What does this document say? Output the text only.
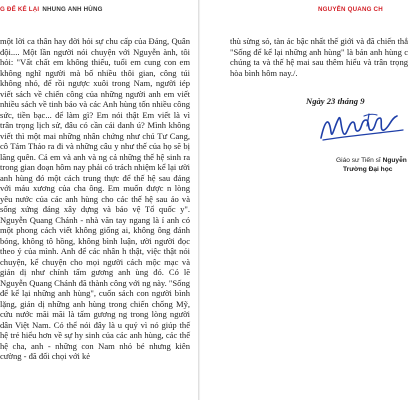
G ĐỂ KẺ LẠI NHUNG ANH HÙNG

một lời ca thân hay đời hỏi sự chu cấp của Đảng, Quân đội.... Một lần người nói chuyện với Nguyễn ành, tôi hỏi: "Vất chất em không thiếu, tuổi em cung con em không nghĩ người mà bố nhiều thôi gian, công túi không nhỏ, để rồi ngược xuôi trong Nam, người iép viết sách về chiến công của những người anh em viết nhiều sách về tinh bảo và các Anh hùng tốn nhiều công sức, tiền bạc... để làm gì? Em nói thật Em viết là vì trân trọng lịch sử, đâu có cần cái danh ú? Mình không viết thì một mai những nhân chứng như chú Tư Cang, cô Tám Thảo ra đi và những câu y như thế của họ sẽ bị lãng quên. Cả em và anh và ng cả những thế hệ sinh ra trong gian đoạn hôm nay phải có trách nhiệm kể lại ười anh hùng đó một cách trung thực để thế hệ sau đáng với máu xương của cha ông. Em muốn được n lòng yêu nước của các anh hùng cho các thế hệ sau ảo và sống xứng đáng xây dựng và bảo vệ Tổ quốc y". Nguyễn Quang Chánh - nhà văn tay ngang là ỉ anh có một phong cách viết không giống ai, không ông đánh bóng, không tô hồng, không bình luận, ười người đọc theo ý của mình. Anh để các nhân h thật, việc thật nói chuyện, kể chuyện cho mọi người cách mộc mạc và giản dị như chính tấm gương anh ùng đó. Có lẽ Nguyễn Quang Chánh đã thành công với ng này. "Sống để kể lại những anh hùng", cuốn sách con người bình lặng, giản dị những anh hùng trong chiến chống Mỹ, cứu nước mãi mãi là tấm gương ng trong lòng người dân Việt Nam. Có thể nói đây là u quý vì nó giúp thế hệ trẻ hiểu hơn về sự hy sinh của các anh hùng, các thế hệ cha, anh - những con Nam nhỏ bé nhưng kiên cường - đã đối chọi với kẻ

NGUYỄN QUANG CH

thù sừng sỏ, tàn ác bậc nhất thế giới và đã chiến thắ "Sống để kể lại những anh hùng" là bản anh hùng c chúng ta và thế hệ mai sau thêm hiểu và trân trọng hòa bình hôm nay./.

Ngày 23 tháng 9
Giáo sư Tiến sĩ Nguyễn
Trường Đại học
